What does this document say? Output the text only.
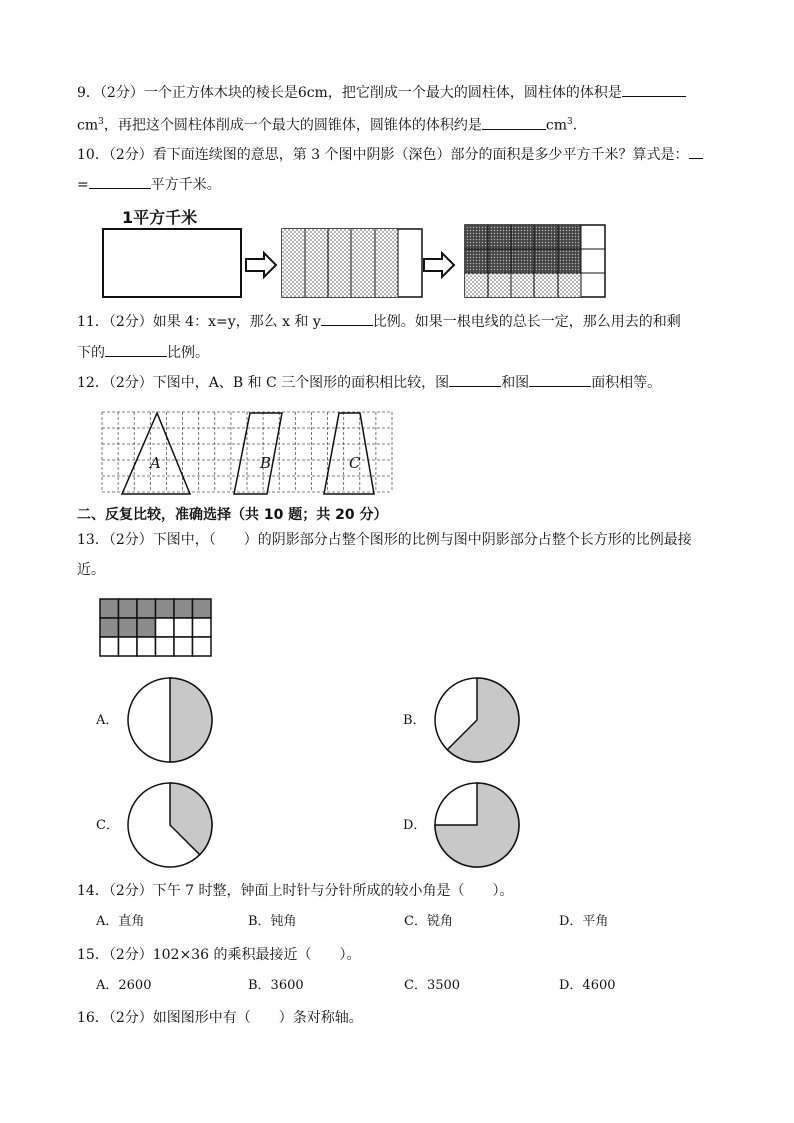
9．（2分）一个正方体木块的棱长是6cm，把它削成一个最大的圆柱体，圆柱体的体积是
$cm^3$，再把这个圆柱体削成一个最大的圆锥体，圆锥体的体积约是	$cm^3$．
10．（2分）看下面连续图的意思，第 3 个图中阴影（深色）部分的面积是多少平方千米？算式是：
=	平方千米。
1平方千米
11．（2分）如果 4：x=y，那么 x 和 y	比例。如果一根电线的总长一定，那么用去的和剩
下的	比例。
12．（2分）下图中，A、B 和 C 三个图形的面积相比较，图	和图	面积相等。
A	B	C
二、反复比较，准确选择（共 10 题；共 20 分）
13．（2分）下图中，（　　）的阴影部分占整个图形的比例与图中阴影部分占整个长方形的比例最接
近。
A．	B．
C．	D．
14．（2分）下午 7 时整，钟面上时针与分针所成的较小角是（　　）。
A．直角	B．钝角	C．锐角	D．平角
15．（2分）102×36 的乘积最接近（　　）。
A．2600	B．3600	C．3500	D．4600
16．（2分）如图图形中有（　　）条对称轴。
